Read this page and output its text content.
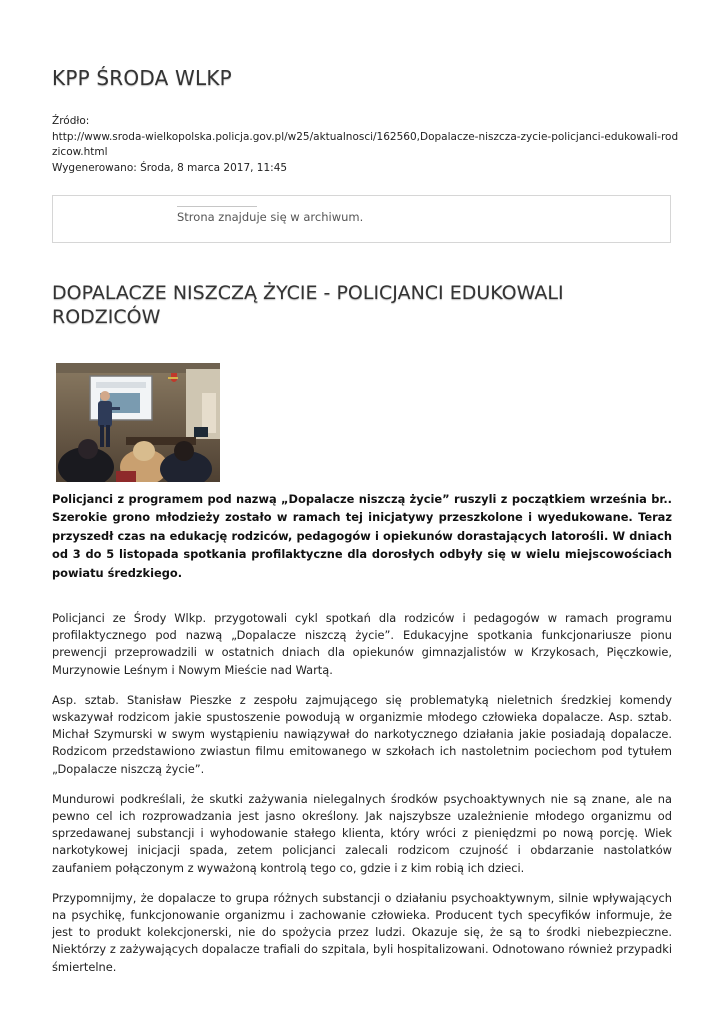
KPP ŚRODA WLKP
Źródło:
http://www.sroda-wielkopolska.policja.gov.pl/w25/aktualnosci/162560,Dopalacze-niszcza-zycie-policjanci-edukowali-rodzicow.html
Wygenerowano: Środa, 8 marca 2017, 11:45
Strona znajduje się w archiwum.
DOPALACZE NISZCZĄ ŻYCIE - POLICJANCI EDUKOWALI RODZICÓW

Policjanci z programem pod nazwą „Dopalacze niszczą życie” ruszyli z początkiem września br.. Szerokie grono młodzieży zostało w ramach tej inicjatywy przeszkolone i wyedukowane. Teraz przyszedł czas na edukację rodziców, pedagogów i opiekunów dorastających latorośli. W dniach od 3 do 5 listopada spotkania profilaktyczne dla dorosłych odbyły się w wielu miejscowościach powiatu średzkiego.

Policjanci ze Środy Wlkp. przygotowali cykl spotkań dla rodziców i pedagogów w ramach programu profilaktycznego pod nazwą „Dopalacze niszczą życie”. Edukacyjne spotkania funkcjonariusze pionu prewencji przeprowadzili w ostatnich dniach dla opiekunów gimnazjalistów w Krzykosach, Pięczkowie, Murzynowie Leśnym i Nowym Mieście nad Wartą.

Asp. sztab. Stanisław Pieszke z zespołu zajmującego się problematyką nieletnich średzkiej komendy wskazywał rodzicom jakie spustoszenie powodują w organizmie młodego człowieka dopalacze. Asp. sztab. Michał Szymurski w swym wystąpieniu nawiązywał do narkotycznego działania jakie posiadają dopalacze. Rodzicom przedstawiono zwiastun filmu emitowanego w szkołach ich nastoletnim pociechom pod tytułem „Dopalacze niszczą życie”.

Mundurowi podkreślali, że skutki zażywania nielegalnych środków psychoaktywnych nie są znane, ale na pewno cel ich rozprowadzania jest jasno określony. Jak najszybsze uzależnienie młodego organizmu od sprzedawanej substancji i wyhodowanie stałego klienta, który wróci z pieniędzmi po nową porcję. Wiek narkotykowej inicjacji spada, zetem policjanci zalecali rodzicom czujność i obdarzanie nastolatków zaufaniem połączonym z wyważoną kontrolą tego co, gdzie i z kim robią ich dzieci.

Przypomnijmy, że dopalacze to grupa różnych substancji o działaniu psychoaktywnym, silnie wpływających na psychikę, funkcjonowanie organizmu i zachowanie człowieka. Producent tych specyfików informuje, że jest to produkt kolekcjonerski, nie do spożycia przez ludzi. Okazuje się, że są to środki niebezpieczne. Niektórzy z zażywających dopalacze trafiali do szpitala, byli hospitalizowani. Odnotowano również przypadki śmiertelne.
